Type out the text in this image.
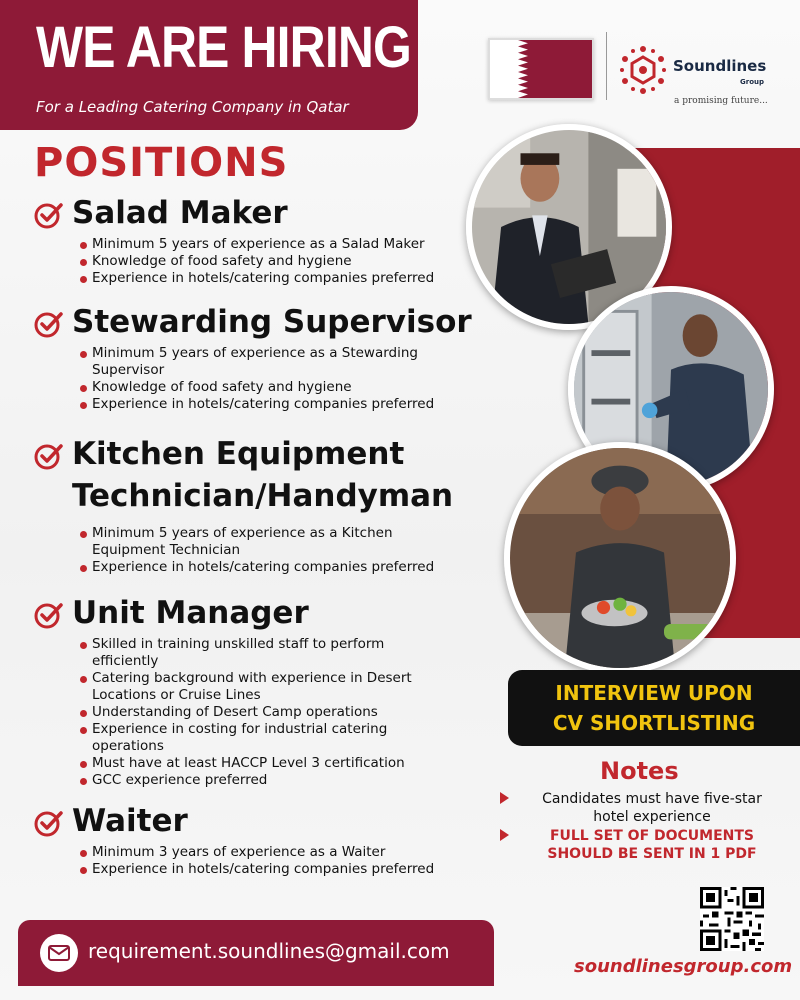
WE ARE HIRING
For a Leading Catering Company in Qatar
Soundlines
Group
a promising future...
POSITIONS
Salad Maker
Minimum 5 years of experience as a Salad Maker
Knowledge of food safety and hygiene
Experience in hotels/catering companies preferred
Stewarding Supervisor
Minimum 5 years of experience as a Stewarding Supervisor
Knowledge of food safety and hygiene
Experience in hotels/catering companies preferred
Kitchen Equipment
Technician/Handyman
Minimum 5 years of experience as a Kitchen Equipment Technician
Experience in hotels/catering companies preferred
Unit Manager
Skilled in training unskilled staff to perform efficiently
Catering background with experience in Desert Locations or Cruise Lines
Understanding of Desert Camp operations
Experience in costing for industrial catering operations
Must have at least HACCP Level 3 certification
GCC experience preferred
Waiter
Minimum 3 years of experience as a Waiter
Experience in hotels/catering companies preferred
INTERVIEW UPON
CV SHORTLISTING
Notes
Candidates must have five-star
hotel experience
FULL SET OF DOCUMENTS
SHOULD BE SENT IN 1 PDF
soundlinesgroup.com
requirement.soundlines@gmail.com
